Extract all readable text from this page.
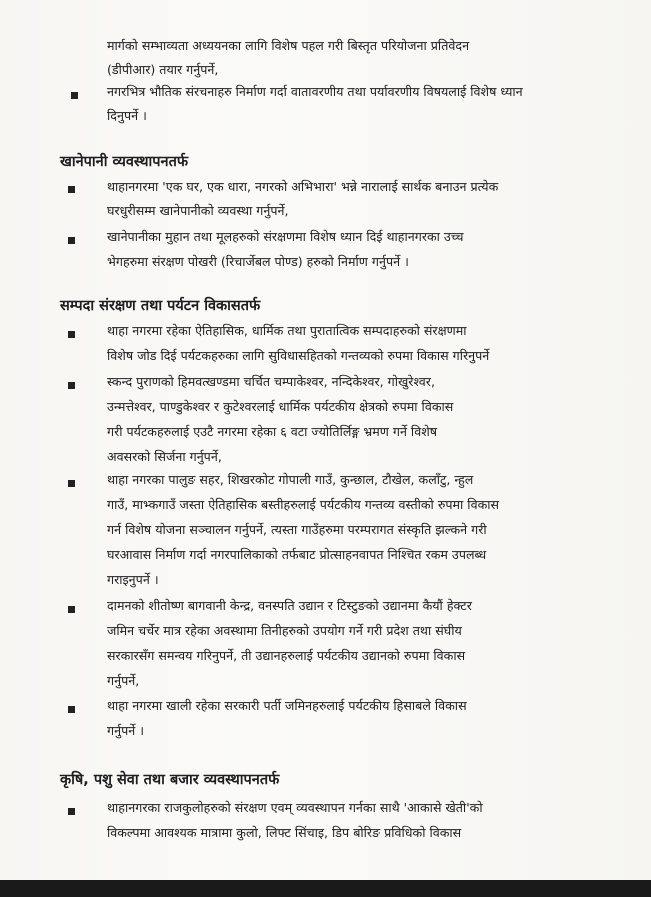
मार्गको सम्भाव्यता अध्ययनका लागि विशेष पहल गरी बिस्तृत परियोजना प्रतिवेदन
(डीपीआर) तयार गर्नुपर्ने,
नगरभित्र भौतिक संरचनाहरु निर्माण गर्दा वातावरणीय तथा पर्यावरणीय विषयलाई विशेष ध्यान
दिनुपर्ने ।
खानेपानी व्यवस्थापनतर्फ
थाहानगरमा 'एक घर, एक धारा, नगरको अभिभारा' भन्ने नारालाई सार्थक बनाउन प्रत्येक
घरधुरीसम्म खानेपानीको व्यवस्था गर्नुपर्ने,
खानेपानीका मुहान तथा मूलहरुको संरक्षणमा विशेष ध्यान दिई थाहानगरका उच्च
भेगहरुमा संरक्षण पोखरी (रिचार्जेबल पोण्ड) हरुको निर्माण गर्नुपर्ने ।
सम्पदा संरक्षण तथा पर्यटन विकासतर्फ
थाहा नगरमा रहेका ऐतिहासिक, धार्मिक तथा पुरातात्विक सम्पदाहरुको संरक्षणमा
विशेष जोड दिई पर्यटकहरुका लागि सुविधासहितको गन्तव्यको रुपमा विकास गरिनुपर्ने
स्कन्द पुराणको हिमवत्खण्डमा चर्चित चम्पाकेश्वर, नन्दिकेश्वर, गोखुरेश्वर,
उन्मत्तेश्वर, पाण्डुकेश्वर र कुटेश्वरलाई धार्मिक पर्यटकीय क्षेत्रको रुपमा विकास
गरी पर्यटकहरुलाई एउटै नगरमा रहेका ६ वटा ज्योतिर्लिङ्ग भ्रमण गर्ने विशेष
अवसरको सिर्जना गर्नुपर्ने,
थाहा नगरका पालुङ सहर, शिखरकोट गोपाली गाउँ, कुन्छाल, टौखेल, कलाँटु, न्हुल
गाउँ, माभ्कगाउँ जस्ता ऐतिहासिक बस्तीहरुलाई पर्यटकीय गन्तव्य वस्तीको रुपमा विकास
गर्न विशेष योजना सञ्चालन गर्नुपर्ने, त्यस्ता गाउँहरुमा परम्परागत संस्कृति झल्कने गरी
घरआवास निर्माण गर्दा नगरपालिकाको तर्फबाट प्रोत्साहनवापत निश्चित रकम उपलब्ध
गराइनुपर्ने ।
दामनको शीतोष्ण बागवानी केन्द्र, वनस्पति उद्यान र टिस्टुङको उद्यानमा कैयौं हेक्टर
जमिन चर्चेर मात्र रहेका अवस्थामा तिनीहरुको उपयोग गर्ने गरी प्रदेश तथा संघीय
सरकारसँग समन्वय गरिनुपर्ने, ती उद्यानहरुलाई पर्यटकीय उद्यानको रुपमा विकास
गर्नुपर्ने,
थाहा नगरमा खाली रहेका सरकारी पर्ती जमिनहरुलाई पर्यटकीय हिसाबले विकास
गर्नुपर्ने ।
कृषि, पशु सेवा तथा बजार व्यवस्थापनतर्फ
थाहानगरका राजकुलोहरुको संरक्षण एवम् व्यवस्थापन गर्नका साथै 'आकासे खेती'को
विकल्पमा आवश्यक मात्रामा कुलो, लिफ्ट सिंचाइ, डिप बोरिङ प्रविधिको विकास
